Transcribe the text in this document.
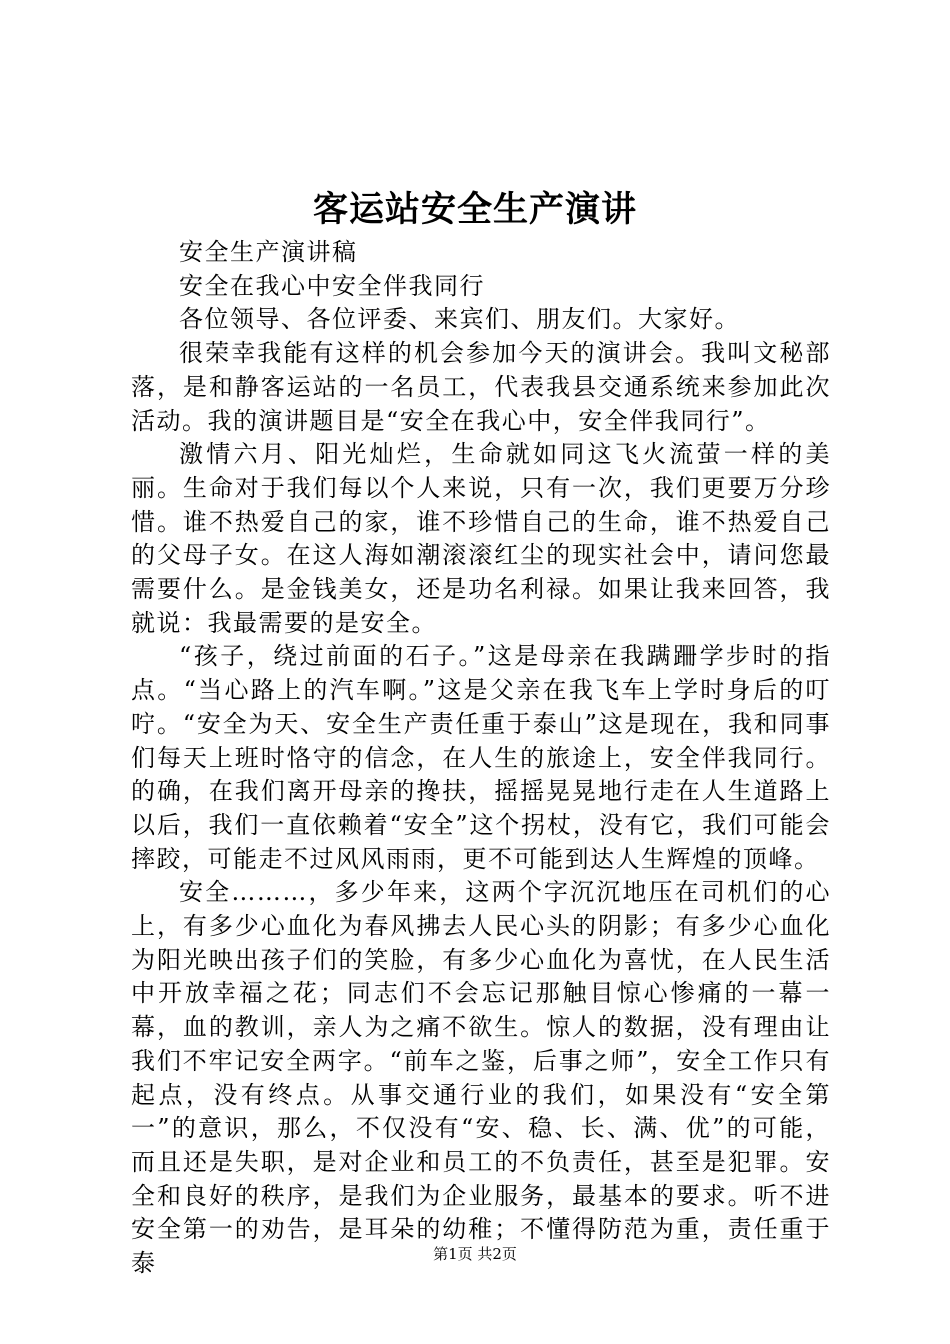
客运站安全生产演讲

安全生产演讲稿

安全在我心中安全伴我同行

各位领导、各位评委、来宾们、朋友们。大家好。

很荣幸我能有这样的机会参加今天的演讲会。我叫文秘部落，是和静客运站的一名员工，代表我县交通系统来参加此次活动。我的演讲题目是“安全在我心中，安全伴我同行”。

激情六月、阳光灿烂，生命就如同这飞火流萤一样的美丽。生命对于我们每以个人来说，只有一次，我们更要万分珍惜。谁不热爱自己的家，谁不珍惜自己的生命，谁不热爱自己的父母子女。在这人海如潮滚滚红尘的现实社会中，请问您最需要什么。是金钱美女，还是功名利禄。如果让我来回答，我就说：我最需要的是安全。

“孩子，绕过前面的石子。”这是母亲在我蹒跚学步时的指点。“当心路上的汽车啊。”这是父亲在我飞车上学时身后的叮咛。“安全为天、安全生产责任重于泰山”这是现在，我和同事们每天上班时恪守的信念，在人生的旅途上，安全伴我同行。的确，在我们离开母亲的搀扶，摇摇晃晃地行走在人生道路上以后，我们一直依赖着“安全”这个拐杖，没有它，我们可能会摔跤，可能走不过风风雨雨，更不可能到达人生辉煌的顶峰。

安全………，多少年来，这两个字沉沉地压在司机们的心上，有多少心血化为春风拂去人民心头的阴影；有多少心血化为阳光映出孩子们的笑脸，有多少心血化为喜忧，在人民生活中开放幸福之花；同志们不会忘记那触目惊心惨痛的一幕一幕，血的教训，亲人为之痛不欲生。惊人的数据，没有理由让我们不牢记安全两字。“前车之鉴，后事之师”，安全工作只有起点，没有终点。从事交通行业的我们，如果没有“安全第一”的意识，那么，不仅没有“安、稳、长、满、优”的可能，而且还是失职，是对企业和员工的不负责任，甚至是犯罪。安全和良好的秩序，是我们为企业服务，最基本的要求。听不进安全第一的劝告，是耳朵的幼稚；不懂得防范为重，责任重于泰	第1页 共2页
